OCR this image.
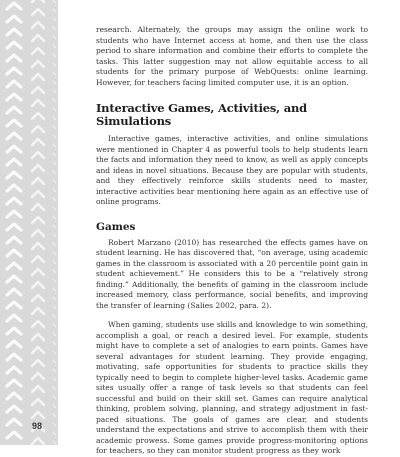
98

research. Alternately, the groups may assign the online work to students who have Internet access at home, and then use the class period to share information and combine their efforts to complete the tasks. This latter suggestion may not allow equitable access to all students for the primary purpose of WebQuests: online learning. However, for teachers facing limited computer use, it is an option.

Interactive Games, Activities, and Simulations

Interactive games, interactive activities, and online simulations were mentioned in Chapter 4 as powerful tools to help students learn the facts and information they need to know, as well as apply concepts and ideas in novel situations. Because they are popular with students, and they effectively reinforce skills students need to master, interactive activities bear mentioning here again as an effective use of online programs.

Games

Robert Marzano (2010) has researched the effects games have on student learning. He has discovered that, “on average, using academic games in the classroom is associated with a 20 percentile point gain in student achievement.” He considers this to be a “relatively strong finding.” Additionally, the benefits of gaming in the classroom include increased memory, class performance, social benefits, and improving the transfer of learning (Salies 2002, para. 2).

When gaming, students use skills and knowledge to win something, accomplish a goal, or reach a desired level. For example, students might have to complete a set of analogies to earn points. Games have several advantages for student learning. They provide engaging, motivating, safe opportunities for students to practice skills they typically need to begin to complete higher-level tasks. Academic game sites usually offer a range of task levels so that students can feel successful and build on their skill set. Games can require analytical thinking, problem solving, planning, and strategy adjustment in fast-paced situations. The goals of games are clear, and students understand the expectations and strive to accomplish them with their academic prowess. Some games provide progress-monitoring options for teachers, so they can monitor student progress as they work
